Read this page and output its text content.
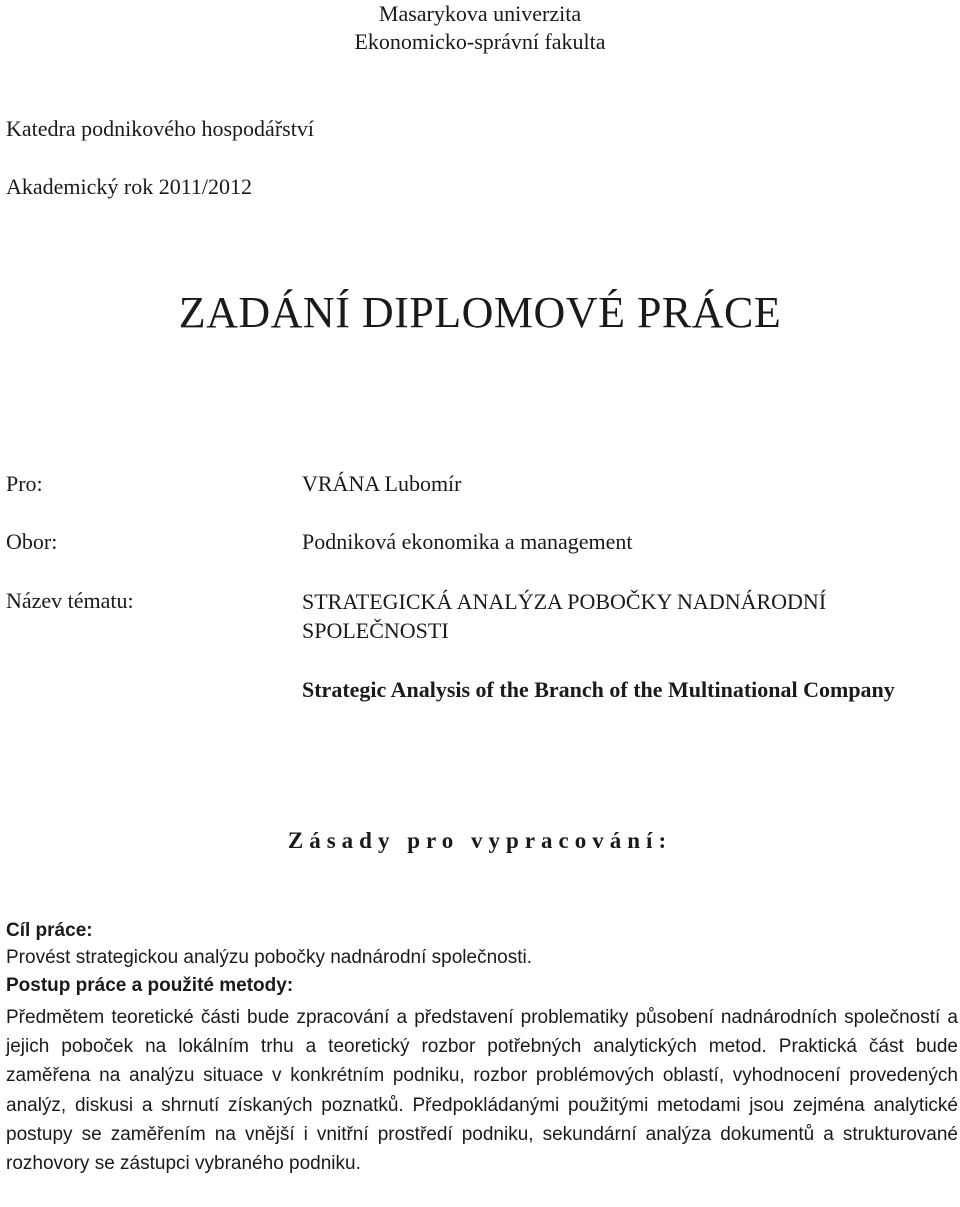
Masarykova univerzita
Ekonomicko-správní fakulta
Katedra podnikového hospodářství
Akademický rok 2011/2012
ZADÁNÍ DIPLOMOVÉ PRÁCE
Pro:	VRÁNA Lubomír
Obor:	Podniková ekonomika a management
Název tématu:	STRATEGICKÁ ANALÝZA POBOČKY NADNÁRODNÍ SPOLEČNOSTI
Strategic Analysis of the Branch of the Multinational Company
Zásady pro vypracování:
Cíl práce:
Provést strategickou analýzu pobočky nadnárodní společnosti.
Postup práce a použité metody:
Předmětem teoretické části bude zpracování a představení problematiky působení nadnárodních společností a jejich poboček na lokálním trhu a teoretický rozbor potřebných analytických metod. Praktická část bude zaměřena na analýzu situace v konkrétním podniku, rozbor problémových oblastí, vyhodnocení provedených analýz, diskusi a shrnutí získaných poznatků. Předpokládanými použitými metodami jsou zejména analytické postupy se zaměřením na vnější i vnitřní prostředí podniku, sekundární analýza dokumentů a strukturované rozhovory se zástupci vybraného podniku.
